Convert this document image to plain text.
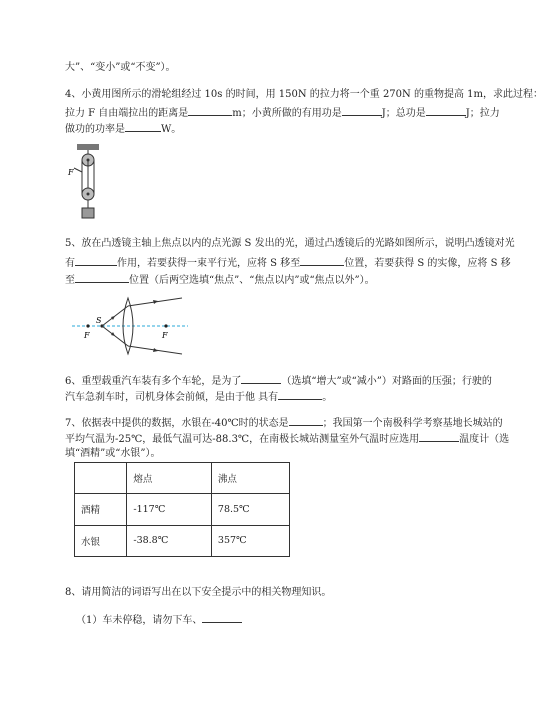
大”、“变小”或“不变”）。
4、小黄用图所示的滑轮组经过 10s 的时间，用 150N 的拉力将一个重 270N 的重物提高 1m，求此过程：
拉力 F 自由端拉出的距离是	m；小黄所做的有用功是	J；总功是	J；拉力
做功的功率是	W。
F
5、放在凸透镜主轴上焦点以内的点光源 S 发出的光，通过凸透镜后的光路如图所示，说明凸透镜对光
有	作用，若要获得一束平行光，应将 S 移至	位置，若要获得 S 的实像，应将 S 移
至	位置（后两空选填“焦点”、“焦点以内”或“焦点以外”）。
S
F	F
6、重型载重汽车装有多个车轮，是为了	（选填“增大”或“减小”）对路面的压强；行驶的
汽车急刹车时，司机身体会前倾，是由于他 具有	。
7、依据表中提供的数据，水银在-40℃时的状态是	；我国第一个南极科学考察基地长城站的
平均气温为-25℃，最低气温可达-88.3℃，在南极长城站测量室外气温时应选用	温度计（选
填“酒精”或“水银”）。
	熔点	沸点
酒精	-117℃	78.5℃
水银	-38.8℃	357℃
8、请用简洁的词语写出在以下安全提示中的相关物理知识。
（1）车未停稳，请勿下车、
